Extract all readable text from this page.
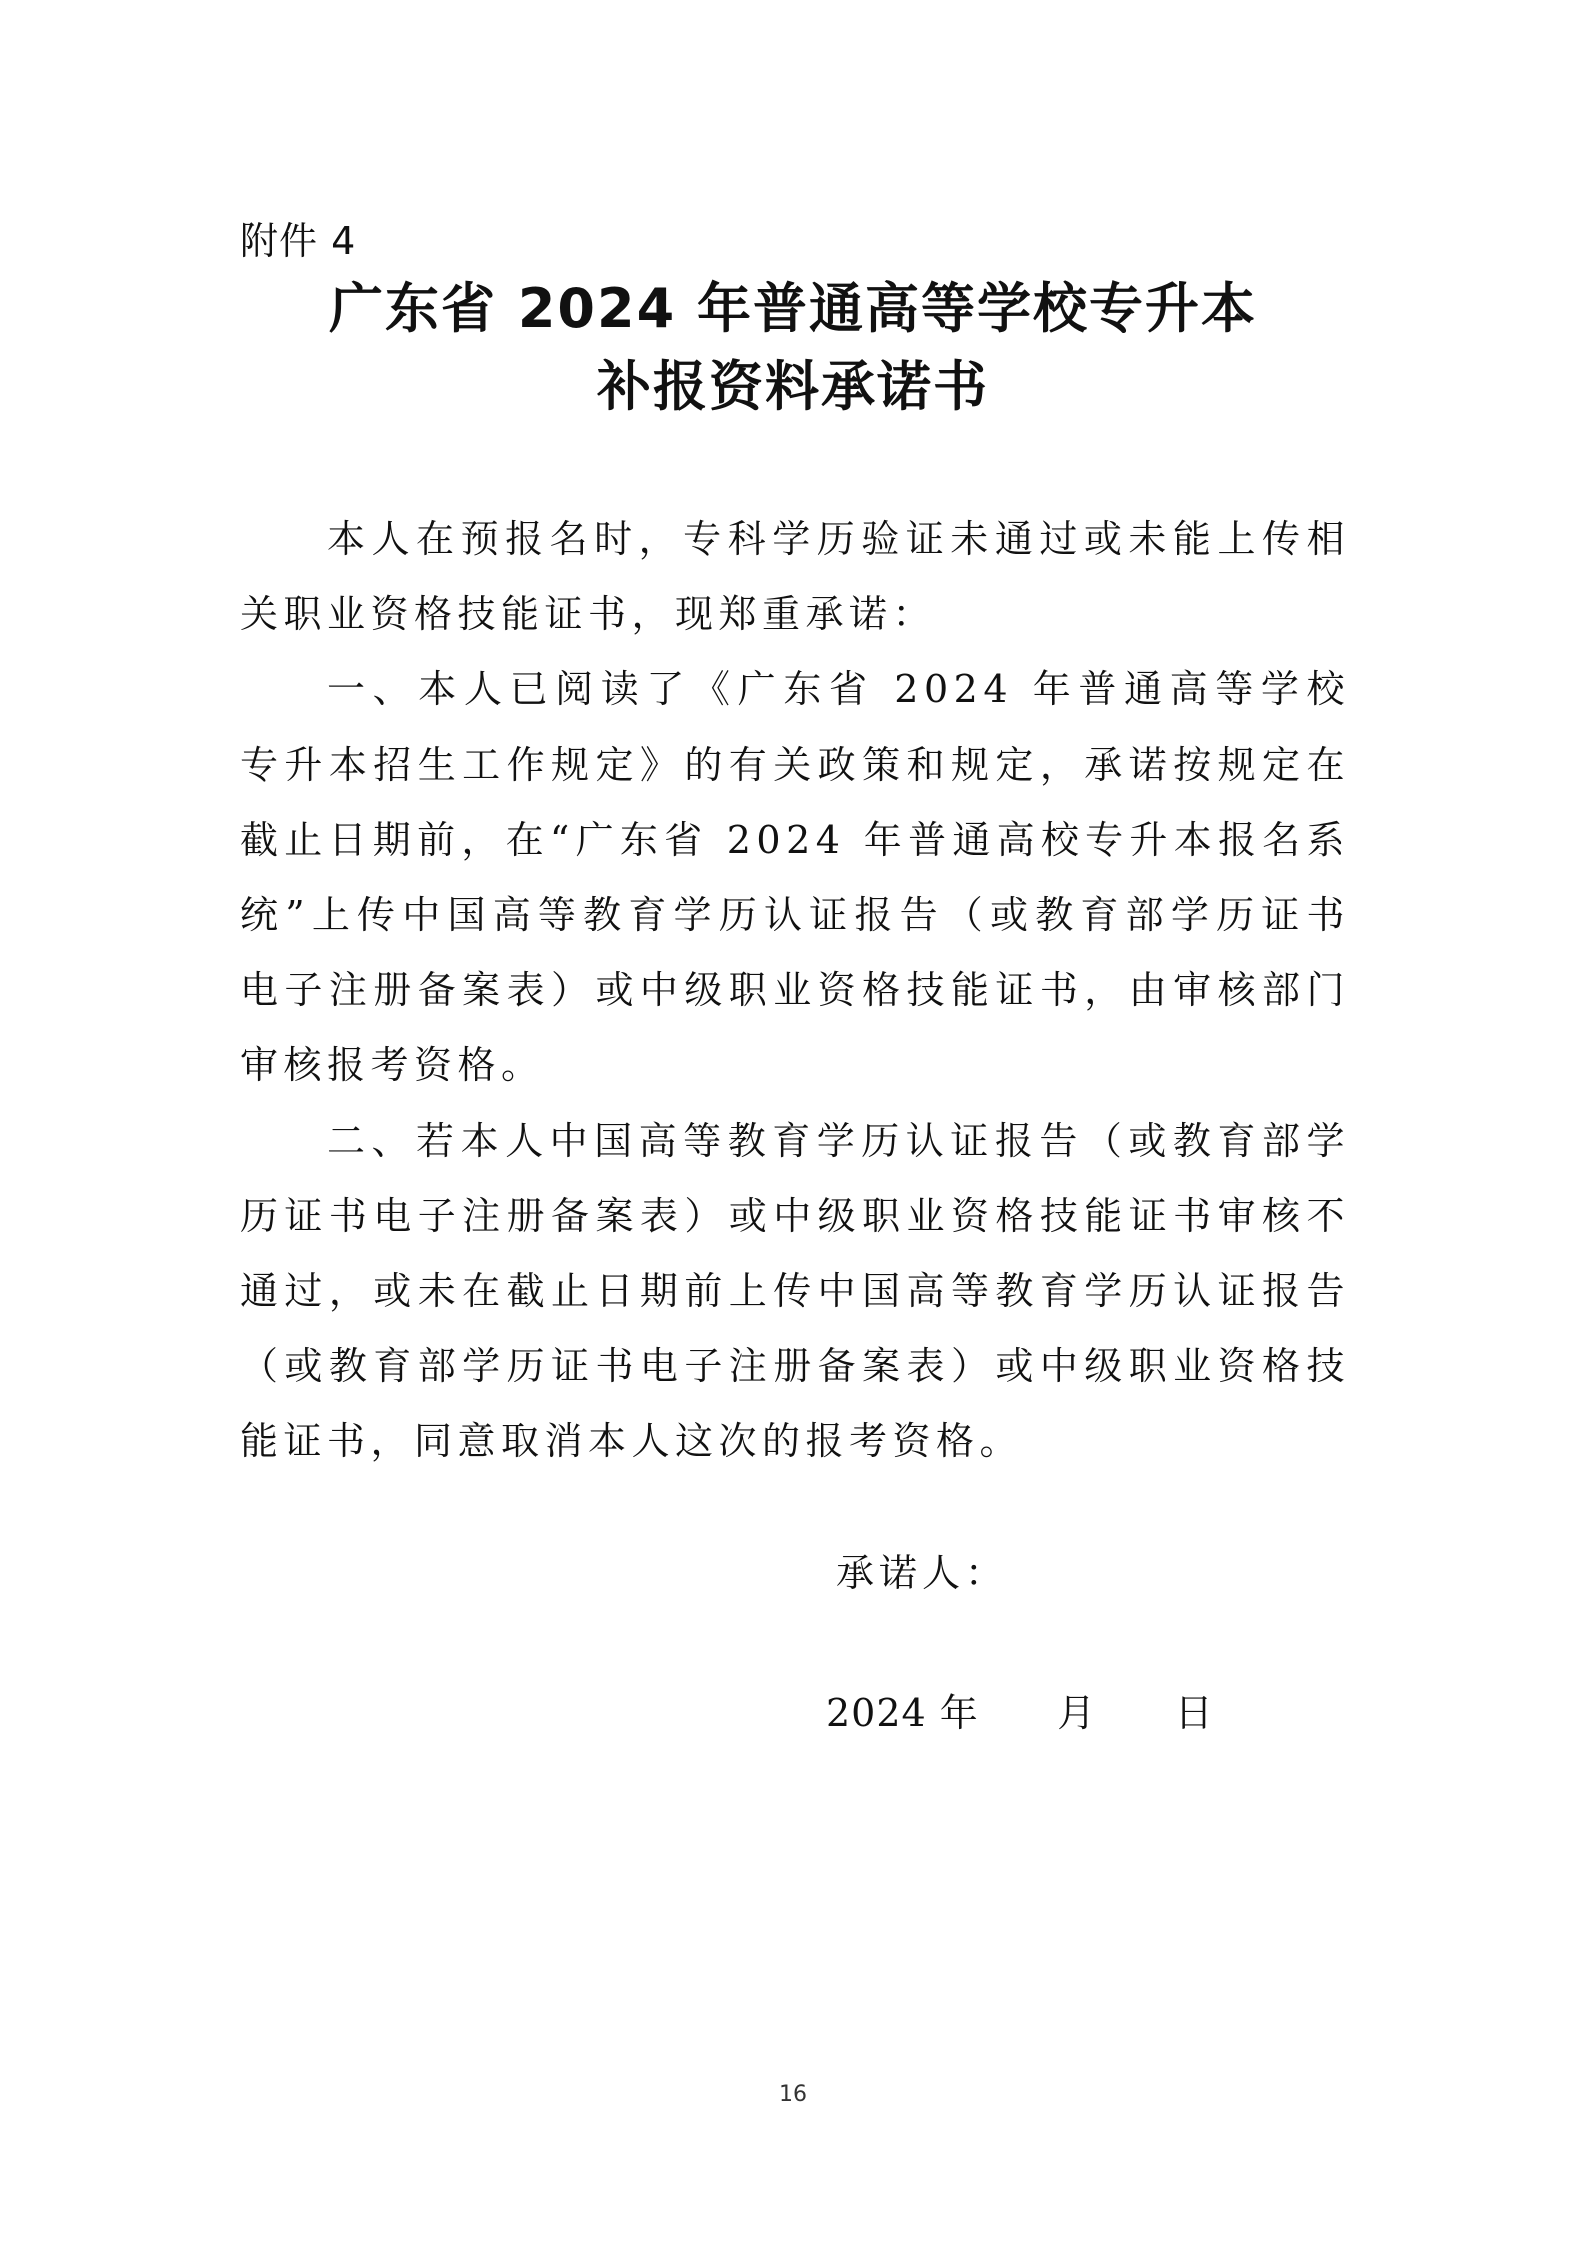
附件 4
广东省 2024 年普通高等学校专升本
补报资料承诺书

本人在预报名时，专科学历验证未通过或未能上传相关职业资格技能证书，现郑重承诺：

一、本人已阅读了《广东省 2024 年普通高等学校专升本招生工作规定》的有关政策和规定，承诺按规定在截止日期前，在“广东省 2024 年普通高校专升本报名系统”上传中国高等教育学历认证报告（或教育部学历证书电子注册备案表）或中级职业资格技能证书，由审核部门审核报考资格。

二、若本人中国高等教育学历认证报告（或教育部学历证书电子注册备案表）或中级职业资格技能证书审核不通过，或未在截止日期前上传中国高等教育学历认证报告（或教育部学历证书电子注册备案表）或中级职业资格技能证书，同意取消本人这次的报考资格。

承诺人：
2024 年      月      日
16
